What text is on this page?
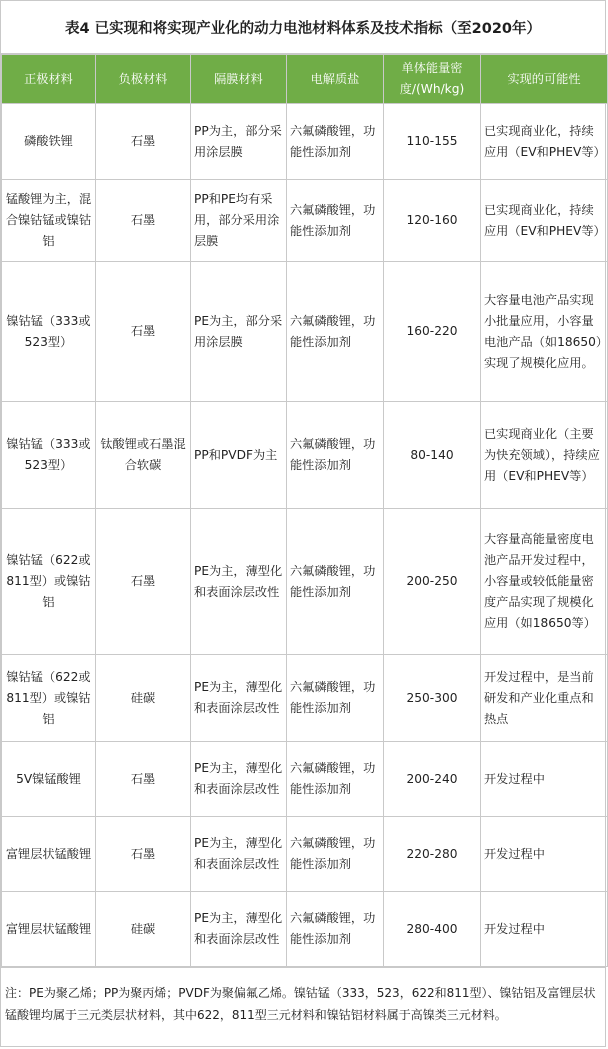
表4 已实现和将实现产业化的动力电池材料体系及技术指标（至2020年）
正极材料	负极材料	隔膜材料	电解质盐	单体能量密度/(Wh/kg)	实现的可能性
磷酸铁锂	石墨	PP为主，部分采用涂层膜	六氟磷酸锂，功能性添加剂	110-155	已实现商业化，持续应用（EV和PHEV等）
锰酸锂为主，混合镍钴锰或镍钴铝	石墨	PP和PE均有采用，部分采用涂层膜	六氟磷酸锂，功能性添加剂	120-160	已实现商业化，持续应用（EV和PHEV等）
镍钴锰（333或523型）	石墨	PE为主，部分采用涂层膜	六氟磷酸锂，功能性添加剂	160-220	大容量电池产品实现小批量应用，小容量电池产品（如18650）实现了规模化应用。
镍钴锰（333或523型）	钛酸锂或石墨混合软碳	PP和PVDF为主	六氟磷酸锂，功能性添加剂	80-140	已实现商业化（主要为快充领域），持续应用（EV和PHEV等）
镍钴锰（622或811型）或镍钴铝	石墨	PE为主，薄型化和表面涂层改性	六氟磷酸锂，功能性添加剂	200-250	大容量高能量密度电池产品开发过程中，小容量或较低能量密度产品实现了规模化应用（如18650等）
镍钴锰（622或811型）或镍钴铝	硅碳	PE为主，薄型化和表面涂层改性	六氟磷酸锂，功能性添加剂	250-300	开发过程中，是当前研发和产业化重点和热点
5V镍锰酸锂	石墨	PE为主，薄型化和表面涂层改性	六氟磷酸锂，功能性添加剂	200-240	开发过程中
富锂层状锰酸锂	石墨	PE为主，薄型化和表面涂层改性	六氟磷酸锂，功能性添加剂	220-280	开发过程中
富锂层状锰酸锂	硅碳	PE为主，薄型化和表面涂层改性	六氟磷酸锂，功能性添加剂	280-400	开发过程中
注：PE为聚乙烯；PP为聚丙烯；PVDF为聚偏氟乙烯。镍钴锰（333，523，622和811型）、镍钴铝及富锂层状锰酸锂均属于三元类层状材料，其中622，811型三元材料和镍钴铝材料属于高镍类三元材料。
